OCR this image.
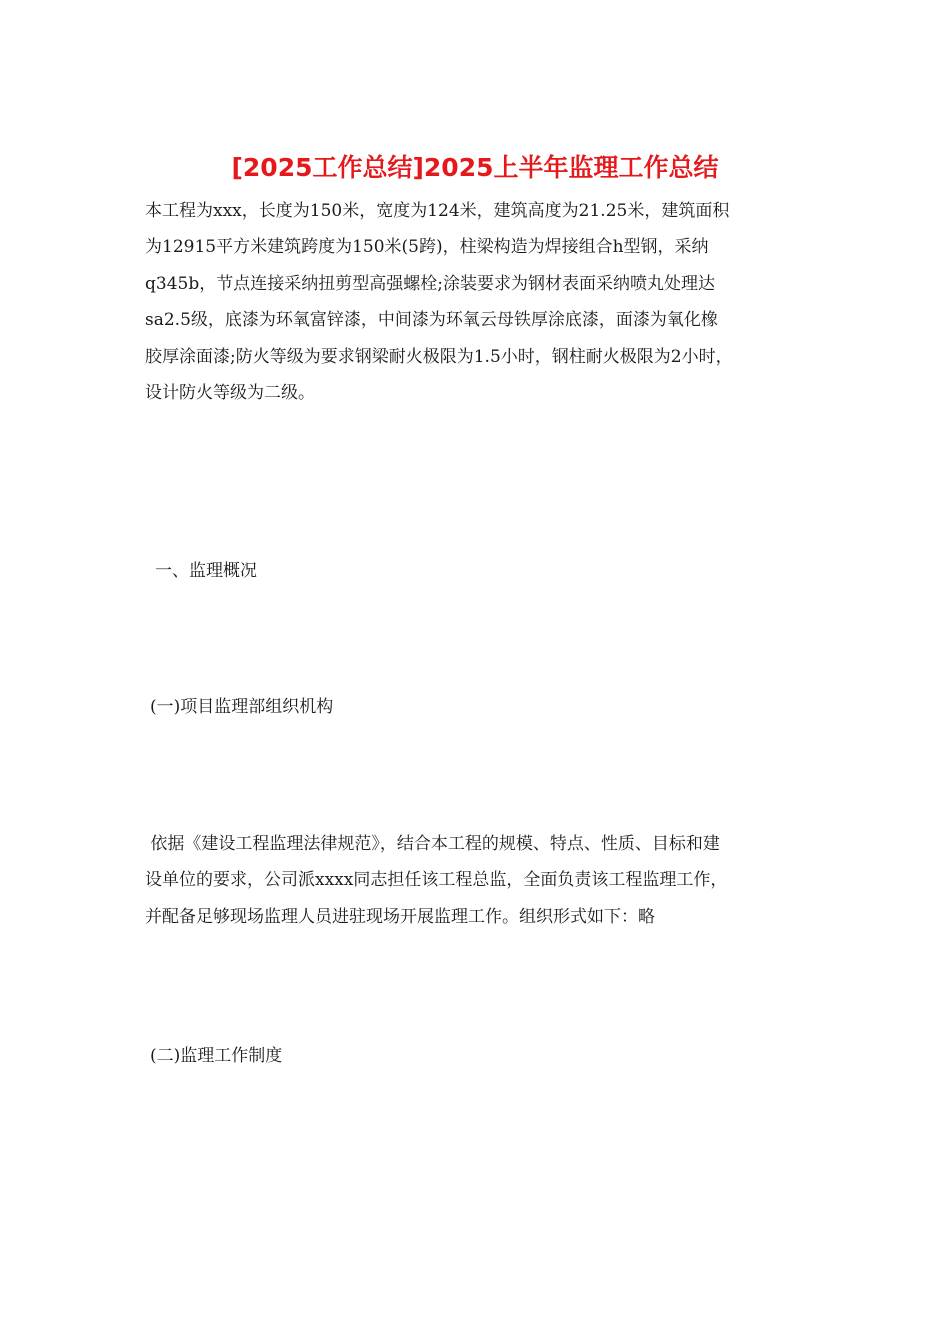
[2025工作总结]2025上半年监理工作总结

本工程为xxx，长度为150米，宽度为124米，建筑高度为21.25米，建筑面积
为12915平方米建筑跨度为150米(5跨)，柱梁构造为焊接组合h型钢，采纳
q345b，节点连接采纳扭剪型高强螺栓;涂装要求为钢材表面采纳喷丸处理达
sa2.5级，底漆为环氧富锌漆，中间漆为环氧云母铁厚涂底漆，面漆为氧化橡
胶厚涂面漆;防火等级为要求钢梁耐火极限为1.5小时，钢柱耐火极限为2小时，
设计防火等级为二级。

一、监理概况

(一)项目监理部组织机构

依据《建设工程监理法律规范》，结合本工程的规模、特点、性质、目标和建
设单位的要求，公司派xxxx同志担任该工程总监，全面负责该工程监理工作，
并配备足够现场监理人员进驻现场开展监理工作。组织形式如下：略

(二)监理工作制度
